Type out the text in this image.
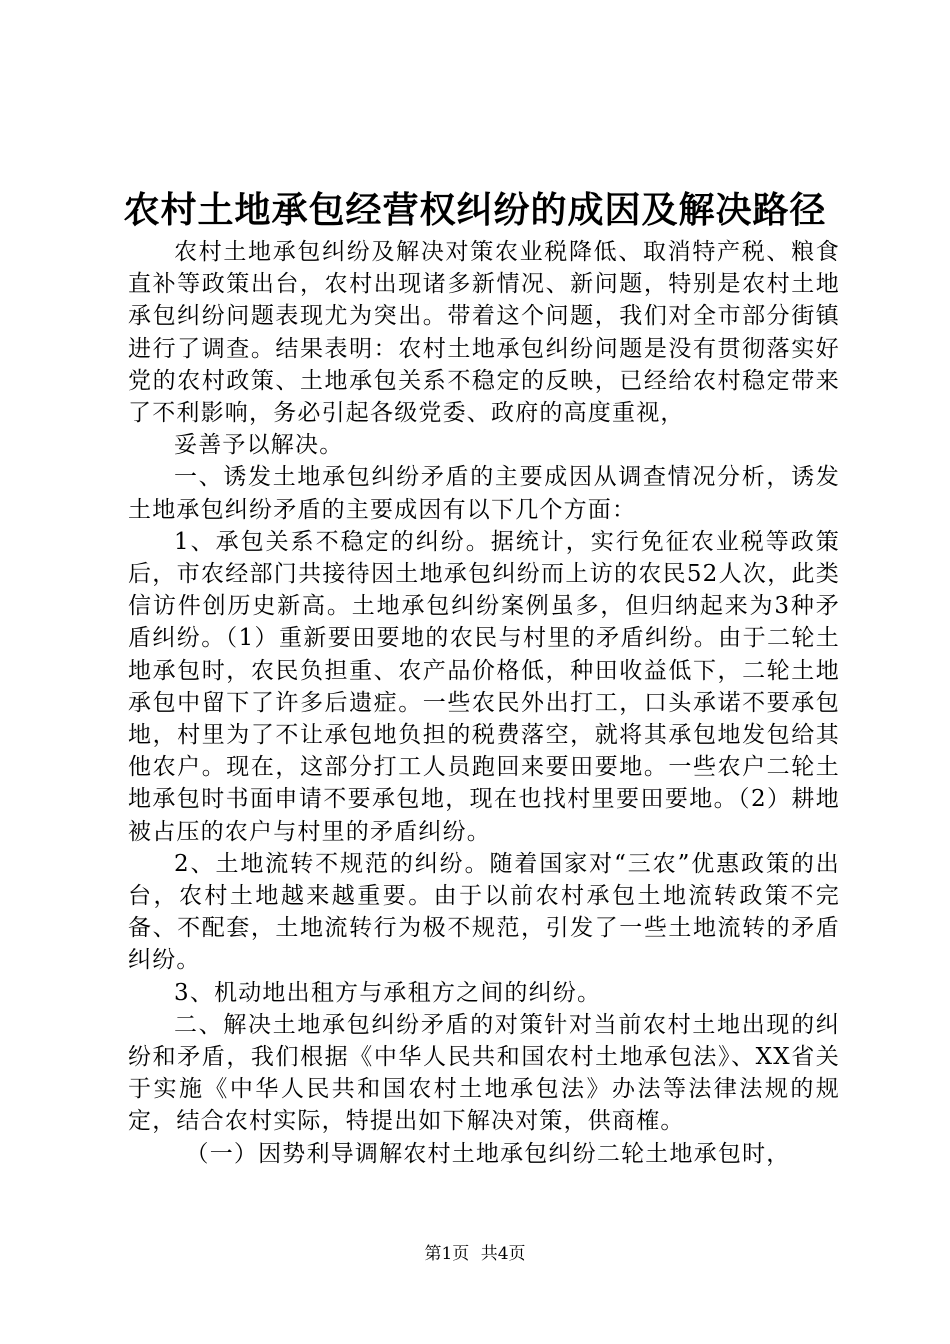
农村土地承包经营权纠纷的成因及解决路径

农村土地承包纠纷及解决对策农业税降低、取消特产税、粮食直补等政策出台，农村出现诸多新情况、新问题，特别是农村土地承包纠纷问题表现尤为突出。带着这个问题，我们对全市部分街镇进行了调查。结果表明：农村土地承包纠纷问题是没有贯彻落实好党的农村政策、土地承包关系不稳定的反映，已经给农村稳定带来了不利影响，务必引起各级党委、政府的高度重视，

妥善予以解决。

一、诱发土地承包纠纷矛盾的主要成因从调查情况分析，诱发土地承包纠纷矛盾的主要成因有以下几个方面：

1、承包关系不稳定的纠纷。据统计，实行免征农业税等政策后，市农经部门共接待因土地承包纠纷而上访的农民52人次，此类信访件创历史新高。土地承包纠纷案例虽多，但归纳起来为3种矛盾纠纷。（1）重新要田要地的农民与村里的矛盾纠纷。由于二轮土地承包时，农民负担重、农产品价格低，种田收益低下，二轮土地承包中留下了许多后遗症。一些农民外出打工，口头承诺不要承包地，村里为了不让承包地负担的税费落空，就将其承包地发包给其他农户。现在，这部分打工人员跑回来要田要地。一些农户二轮土地承包时书面申请不要承包地，现在也找村里要田要地。（2）耕地被占压的农户与村里的矛盾纠纷。

2、土地流转不规范的纠纷。随着国家对“三农”优惠政策的出台，农村土地越来越重要。由于以前农村承包土地流转政策不完备、不配套，土地流转行为极不规范，引发了一些土地流转的矛盾纠纷。

3、机动地出租方与承租方之间的纠纷。

二、解决土地承包纠纷矛盾的对策针对当前农村土地出现的纠纷和矛盾，我们根据《中华人民共和国农村土地承包法》、XX省关于实施《中华人民共和国农村土地承包法》办法等法律法规的规定，结合农村实际，特提出如下解决对策，供商榷。

（一）因势利导调解农村土地承包纠纷二轮土地承包时，

第1页 共4页
